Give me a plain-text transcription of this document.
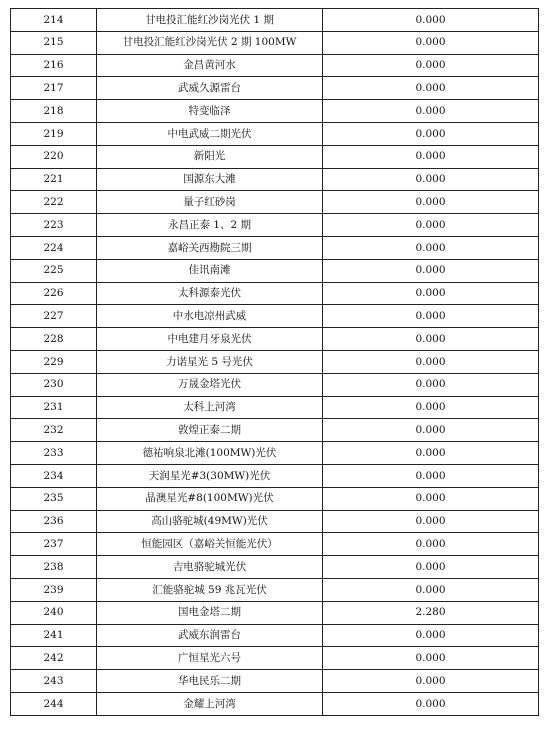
214	甘电投汇能红沙岗光伏 1 期	0.000
215	甘电投汇能红沙岗光伏 2 期 100MW	0.000
216	金昌黄河水	0.000
217	武威久源雷台	0.000
218	特变临泽	0.000
219	中电武威二期光伏	0.000
220	新阳光	0.000
221	国源东大滩	0.000
222	量子红砂岗	0.000
223	永昌正泰 1、2 期	0.000
224	嘉峪关西勘院三期	0.000
225	佳讯南滩	0.000
226	太科源泰光伏	0.000
227	中水电凉州武威	0.000
228	中电建月牙泉光伏	0.000
229	力诺星光 5 号光伏	0.000
230	万晟金塔光伏	0.000
231	太科上河湾	0.000
232	敦煌正泰二期	0.000
233	德祐响泉北滩(100MW)光伏	0.000
234	天润星光#3(30MW)光伏	0.000
235	晶澳星光#8(100MW)光伏	0.000
236	高山骆驼城(49MW)光伏	0.000
237	恒能园区（嘉峪关恒能光伏）	0.000
238	吉电骆驼城光伏	0.000
239	汇能骆驼城 59 兆瓦光伏	0.000
240	国电金塔二期	2.280
241	武威东润雷台	0.000
242	广恒星光六号	0.000
243	华电民乐二期	0.000
244	金耀上河湾	0.000
